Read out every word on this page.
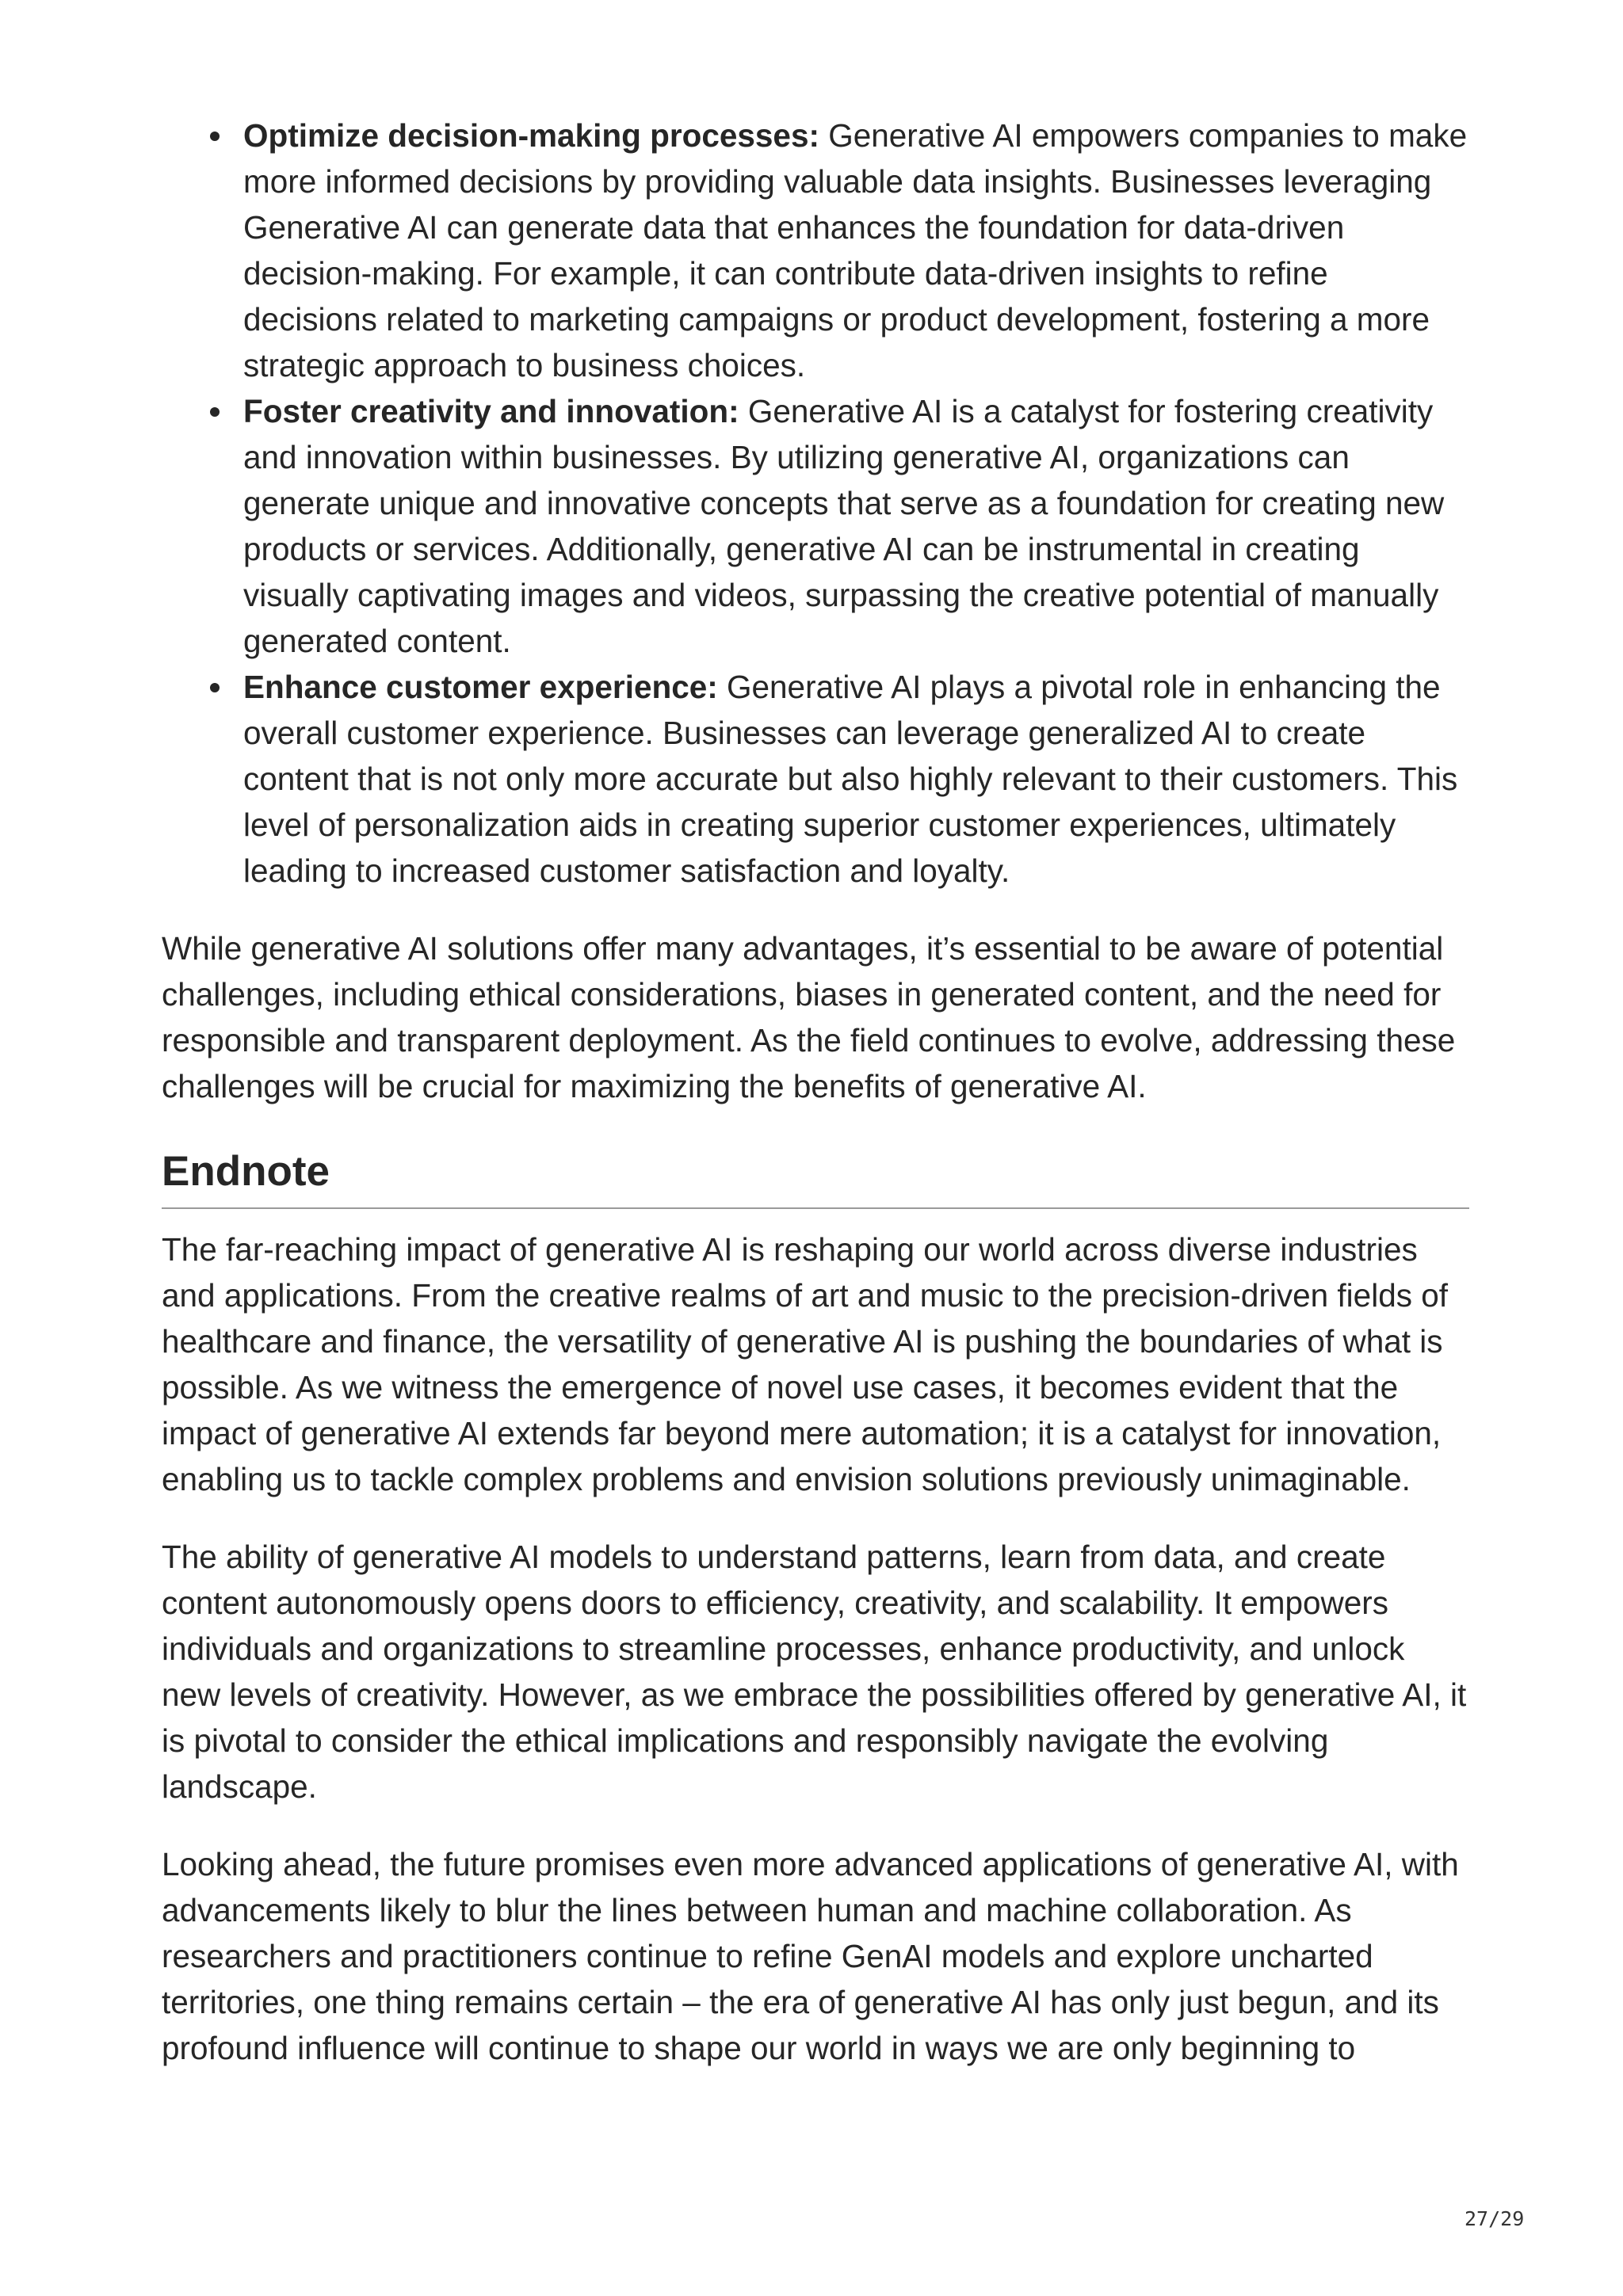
Optimize decision-making processes: Generative AI empowers companies to make more informed decisions by providing valuable data insights. Businesses leveraging Generative AI can generate data that enhances the foundation for data-driven decision-making. For example, it can contribute data-driven insights to refine decisions related to marketing campaigns or product development, fostering a more strategic approach to business choices.
Foster creativity and innovation: Generative AI is a catalyst for fostering creativity and innovation within businesses. By utilizing generative AI, organizations can generate unique and innovative concepts that serve as a foundation for creating new products or services. Additionally, generative AI can be instrumental in creating visually captivating images and videos, surpassing the creative potential of manually generated content.
Enhance customer experience: Generative AI plays a pivotal role in enhancing the overall customer experience. Businesses can leverage generalized AI to create content that is not only more accurate but also highly relevant to their customers. This level of personalization aids in creating superior customer experiences, ultimately leading to increased customer satisfaction and loyalty.

While generative AI solutions offer many advantages, it’s essential to be aware of potential challenges, including ethical considerations, biases in generated content, and the need for responsible and transparent deployment. As the field continues to evolve, addressing these challenges will be crucial for maximizing the benefits of generative AI.

Endnote

The far-reaching impact of generative AI is reshaping our world across diverse industries and applications. From the creative realms of art and music to the precision-driven fields of healthcare and finance, the versatility of generative AI is pushing the boundaries of what is possible. As we witness the emergence of novel use cases, it becomes evident that the impact of generative AI extends far beyond mere automation; it is a catalyst for innovation, enabling us to tackle complex problems and envision solutions previously unimaginable.

The ability of generative AI models to understand patterns, learn from data, and create content autonomously opens doors to efficiency, creativity, and scalability. It empowers individuals and organizations to streamline processes, enhance productivity, and unlock new levels of creativity. However, as we embrace the possibilities offered by generative AI, it is pivotal to consider the ethical implications and responsibly navigate the evolving landscape.

Looking ahead, the future promises even more advanced applications of generative AI, with advancements likely to blur the lines between human and machine collaboration. As researchers and practitioners continue to refine GenAI models and explore uncharted territories, one thing remains certain – the era of generative AI has only just begun, and its profound influence will continue to shape our world in ways we are only beginning to

27/29
